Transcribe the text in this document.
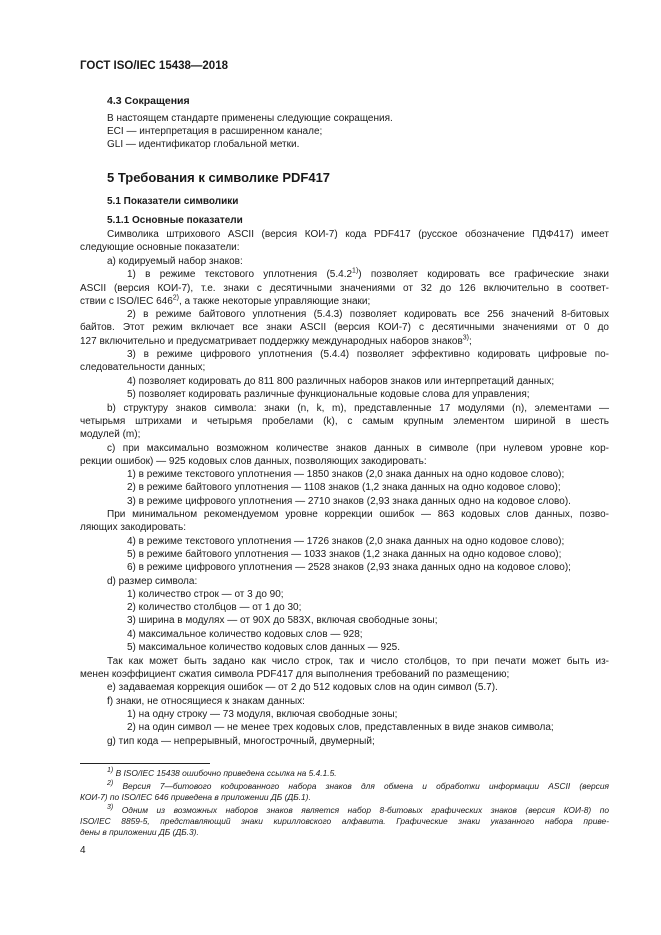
ГОСТ ISO/IEC 15438—2018
4.3 Сокращения
В настоящем стандарте применены следующие сокращения.
ECI — интерпретация в расширенном канале;
GLI — идентификатор глобальной метки.
5 Требования к символике PDF417
5.1 Показатели символики
5.1.1 Основные показатели
Символика штрихового ASCII (версия КОИ-7) кода PDF417 (русское обозначение ПДФ417) имеет
следующие основные показатели:
a) кодируемый набор знаков:
1) в режиме текстового уплотнения (5.4.2$^{1)}$) позволяет кодировать все графические знаки
ASCII (версия КОИ-7), т.е. знаки с десятичными значениями от 32 до 126 включительно в соответ-
ствии с ISO/IEC 646$^{2)}$, а также некоторые управляющие знаки;
2) в режиме байтового уплотнения (5.4.3) позволяет кодировать все 256 значений 8-битовых
байтов. Этот режим включает все знаки ASCII (версия КОИ-7) с десятичными значениями от 0 до
127 включительно и предусматривает поддержку международных наборов знаков$^{3)}$;
3) в режиме цифрового уплотнения (5.4.4) позволяет эффективно кодировать цифровые по-
следовательности данных;
4) позволяет кодировать до 811 800 различных наборов знаков или интерпретаций данных;
5) позволяет кодировать различные функциональные кодовые слова для управления;
b) структуру знаков символа: знаки (n, k, m), представленные 17 модулями (n), элементами —
четырьмя штрихами и четырьмя пробелами (k), с самым крупным элементом шириной в шесть
модулей (m);
c) при максимально возможном количестве знаков данных в символе (при нулевом уровне кор-
рекции ошибок) — 925 кодовых слов данных, позволяющих закодировать:
1) в режиме текстового уплотнения — 1850 знаков (2,0 знака данных на одно кодовое слово);
2) в режиме байтового уплотнения — 1108 знаков (1,2 знака данных на одно кодовое слово);
3) в режиме цифрового уплотнения — 2710 знаков (2,93 знака данных одно на кодовое слово).
При минимальном рекомендуемом уровне коррекции ошибок — 863 кодовых слов данных, позво-
ляющих закодировать:
4) в режиме текстового уплотнения — 1726 знаков (2,0 знака данных на одно кодовое слово);
5) в режиме байтового уплотнения — 1033 знаков (1,2 знака данных на одно кодовое слово);
6) в режиме цифрового уплотнения — 2528 знаков (2,93 знака данных одно на кодовое слово);
d) размер символа:
1) количество строк — от 3 до 90;
2) количество столбцов — от 1 до 30;
3) ширина в модулях — от 90X до 583X, включая свободные зоны;
4) максимальное количество кодовых слов — 928;
5) максимальное количество кодовых слов данных — 925.
Так как может быть задано как число строк, так и число столбцов, то при печати может быть из-
менен коэффициент сжатия символа PDF417 для выполнения требований по размещению;
e) задаваемая коррекция ошибок — от 2 до 512 кодовых слов на один символ (5.7).
f) знаки, не относящиеся к знакам данных:
1) на одну строку — 73 модуля, включая свободные зоны;
2) на один символ — не менее трех кодовых слов, представленных в виде знаков символа;
g) тип кода — непрерывный, многострочный, двумерный;
$^{1)}$ В ISO/IEC 15438 ошибочно приведена ссылка на 5.4.1.5.
$^{2)}$ Версия 7—битового кодированного набора знаков для обмена и обработки информации ASCII (версия
КОИ-7) по ISO/IEC 646 приведена в приложении ДБ (ДБ.1).
$^{3)}$ Одним из возможных наборов знаков является набор 8-битовых графических знаков (версия КОИ-8) по
ISO/IEC 8859-5, представляющий знаки кирилловского алфавита. Графические знаки указанного набора приве-
дены в приложении ДБ (ДБ.3).
4
